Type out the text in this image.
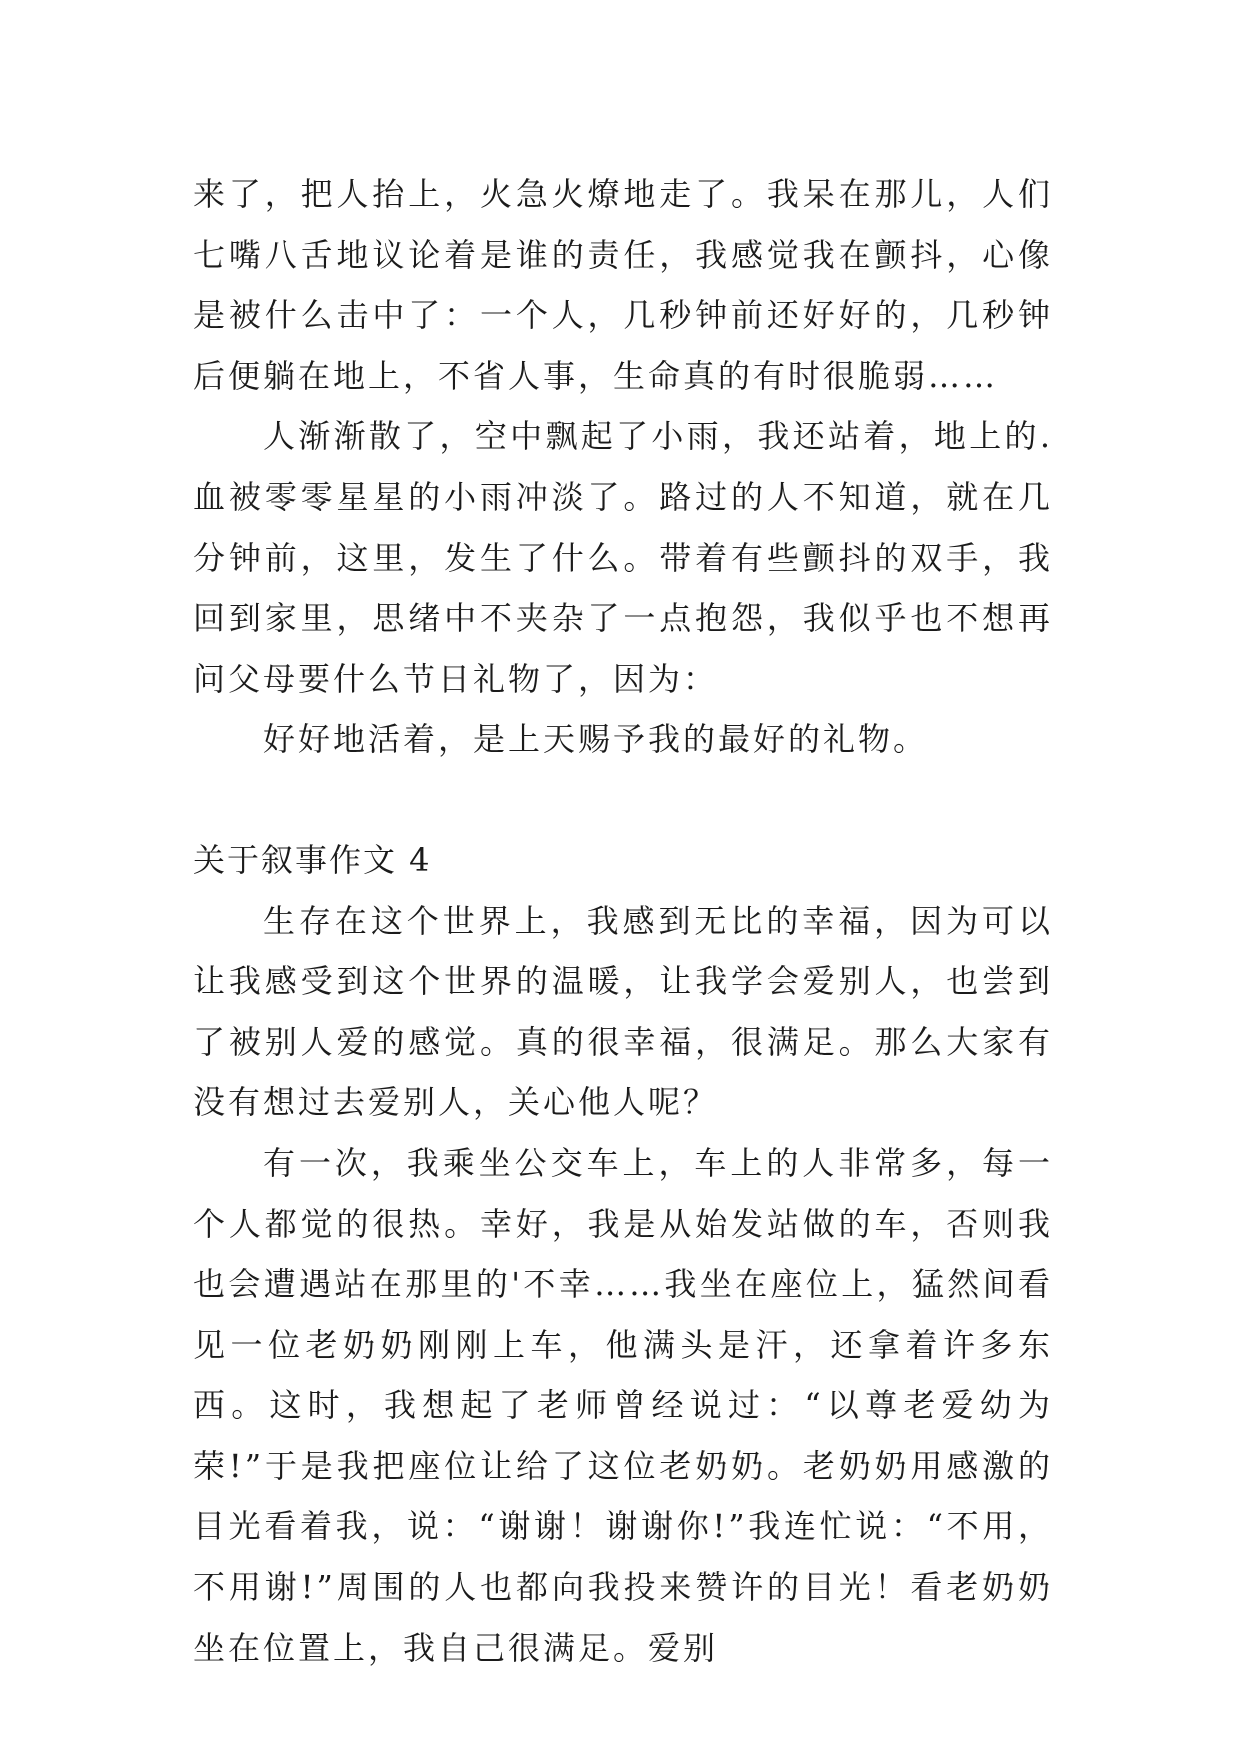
来了，把人抬上，火急火燎地走了。我呆在那儿，人们七嘴八舌地议论着是谁的责任，我感觉我在颤抖，心像是被什么击中了：一个人，几秒钟前还好好的，几秒钟后便躺在地上，不省人事，生命真的有时很脆弱……

人渐渐散了，空中飘起了小雨，我还站着，地上的.血被零零星星的小雨冲淡了。路过的人不知道，就在几分钟前，这里，发生了什么。带着有些颤抖的双手，我回到家里，思绪中不夹杂了一点抱怨，我似乎也不想再问父母要什么节日礼物了，因为：

好好地活着，是上天赐予我的最好的礼物。

关于叙事作文 4

生存在这个世界上，我感到无比的幸福，因为可以让我感受到这个世界的温暖，让我学会爱别人，也尝到了被别人爱的感觉。真的很幸福，很满足。那么大家有没有想过去爱别人，关心他人呢？

有一次，我乘坐公交车上，车上的人非常多，每一个人都觉的很热。幸好，我是从始发站做的车，否则我也会遭遇站在那里的'不幸……我坐在座位上，猛然间看见一位老奶奶刚刚上车，他满头是汗，还拿着许多东西。这时，我想起了老师曾经说过：“以尊老爱幼为荣!”于是我把座位让给了这位老奶奶。老奶奶用感激的目光看着我，说：“谢谢！谢谢你!”我连忙说：“不用，不用谢!”周围的人也都向我投来赞许的目光！看老奶奶坐在位置上，我自己很满足。爱别
